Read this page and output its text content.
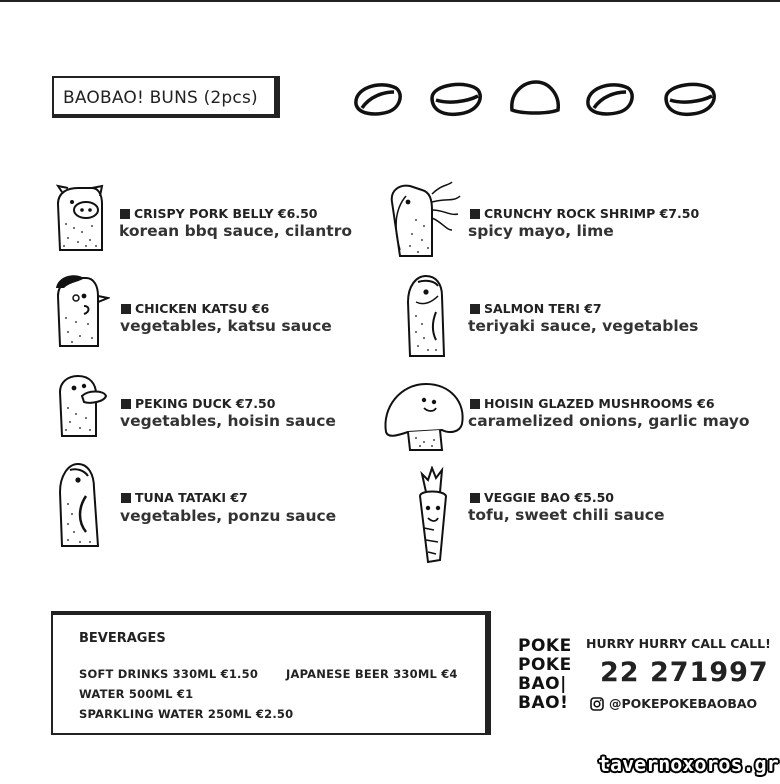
BAOBAO! BUNS (2pcs)
CRISPY PORK BELLY €6.50
korean bbq sauce, cilantro
CRUNCHY ROCK SHRIMP €7.50
spicy mayo, lime
CHICKEN KATSU €6
vegetables, katsu sauce
SALMON TERI €7
teriyaki sauce, vegetables
PEKING DUCK €7.50
vegetables, hoisin sauce
HOISIN GLAZED MUSHROOMS €6
caramelized onions, garlic mayo
TUNA TATAKI €7
vegetables, ponzu sauce
VEGGIE BAO €5.50
tofu, sweet chili sauce
BEVERAGES
SOFT DRINKS 330ML €1.50 JAPANESE BEER 330ML €4
WATER 500ML €1
SPARKLING WATER 250ML €2.50
POKE
POKE
BAO|
BAO!
HURRY HURRY CALL CALL!
22 271997
@POKEPOKEBAOBAO
tavernoxoros.gr
